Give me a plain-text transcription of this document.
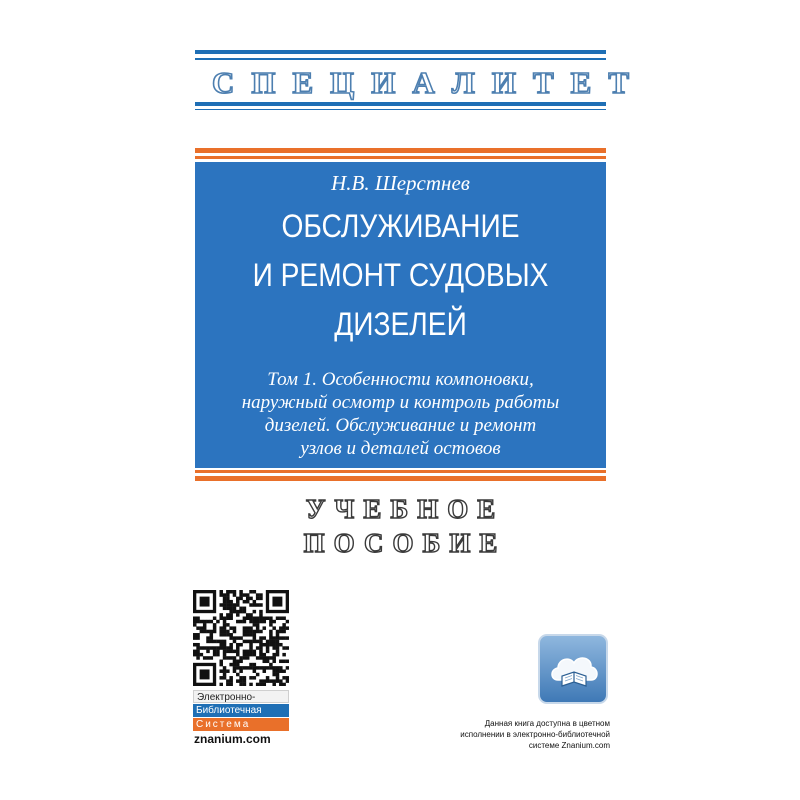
СПЕЦИАЛИТЕТ
Н.В. Шерстнев
ОБСЛУЖИВАНИЕ
И РЕМОНТ СУДОВЫХ
ДИЗЕЛЕЙ
Том 1. Особенности компоновки,
наружный осмотр и контроль работы
дизелей. Обслуживание и ремонт
узлов и деталей остовов
УЧЕБНОЕ ПОСОБИЕ
Электронно-
Библиотечная
Система
znanium.com
Данная книга доступна в цветном
исполнении в электронно-библиотечной
системе Znanium.com
